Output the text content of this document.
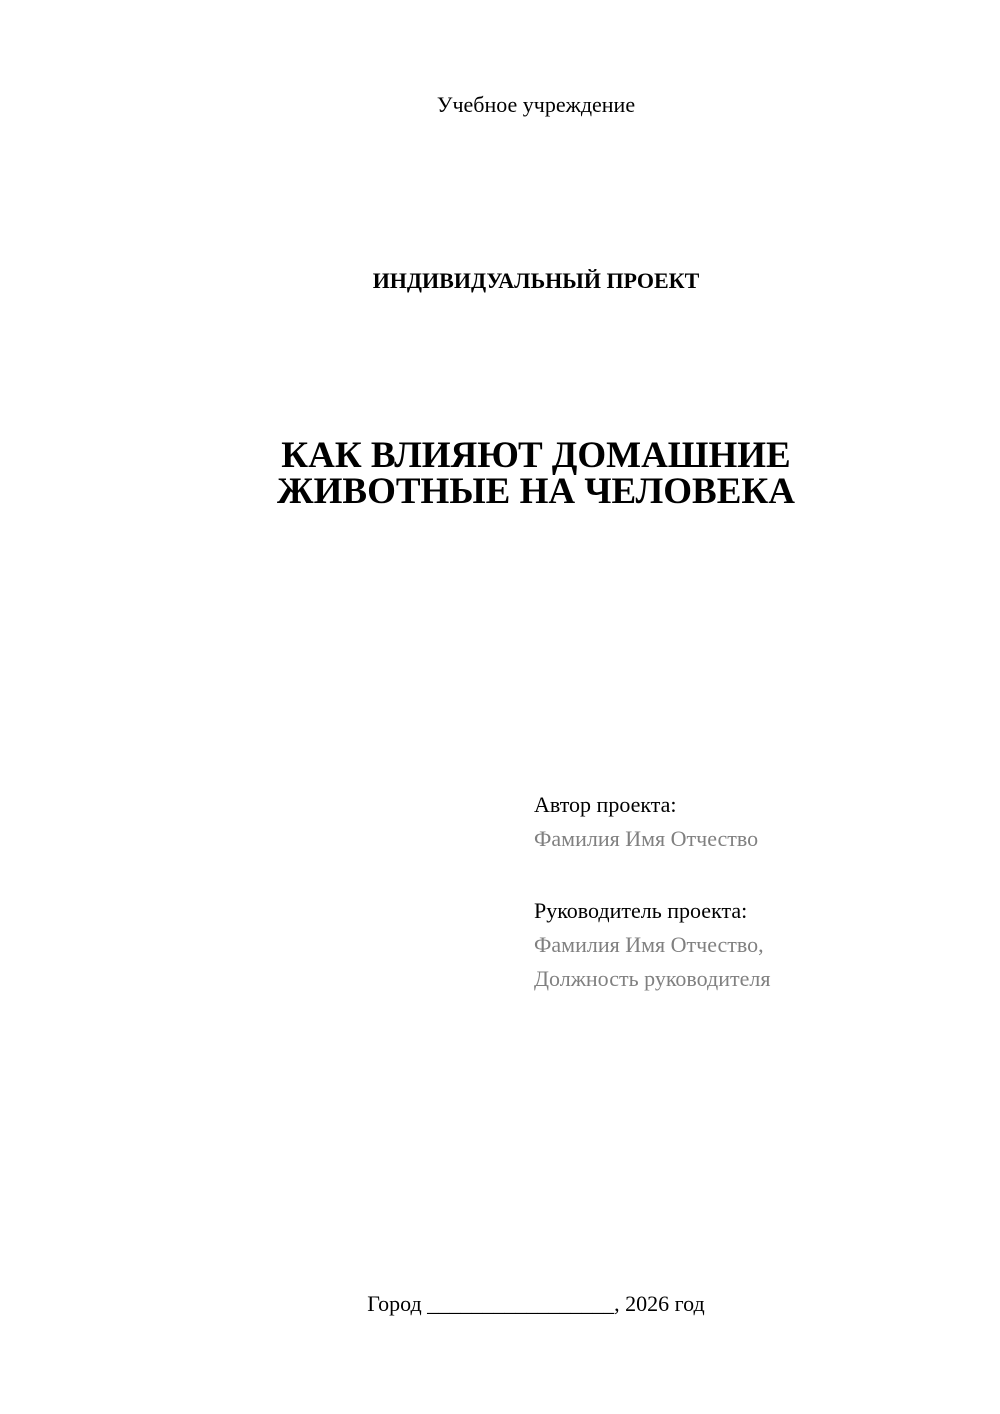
Учебное учреждение
ИНДИВИДУАЛЬНЫЙ ПРОЕКТ
КАК ВЛИЯЮТ ДОМАШНИЕ
ЖИВОТНЫЕ НА ЧЕЛОВЕКА
Автор проекта:
Фамилия Имя Отчество
Руководитель проекта:
Фамилия Имя Отчество,
Должность руководителя
Город _________________, 2026 год
